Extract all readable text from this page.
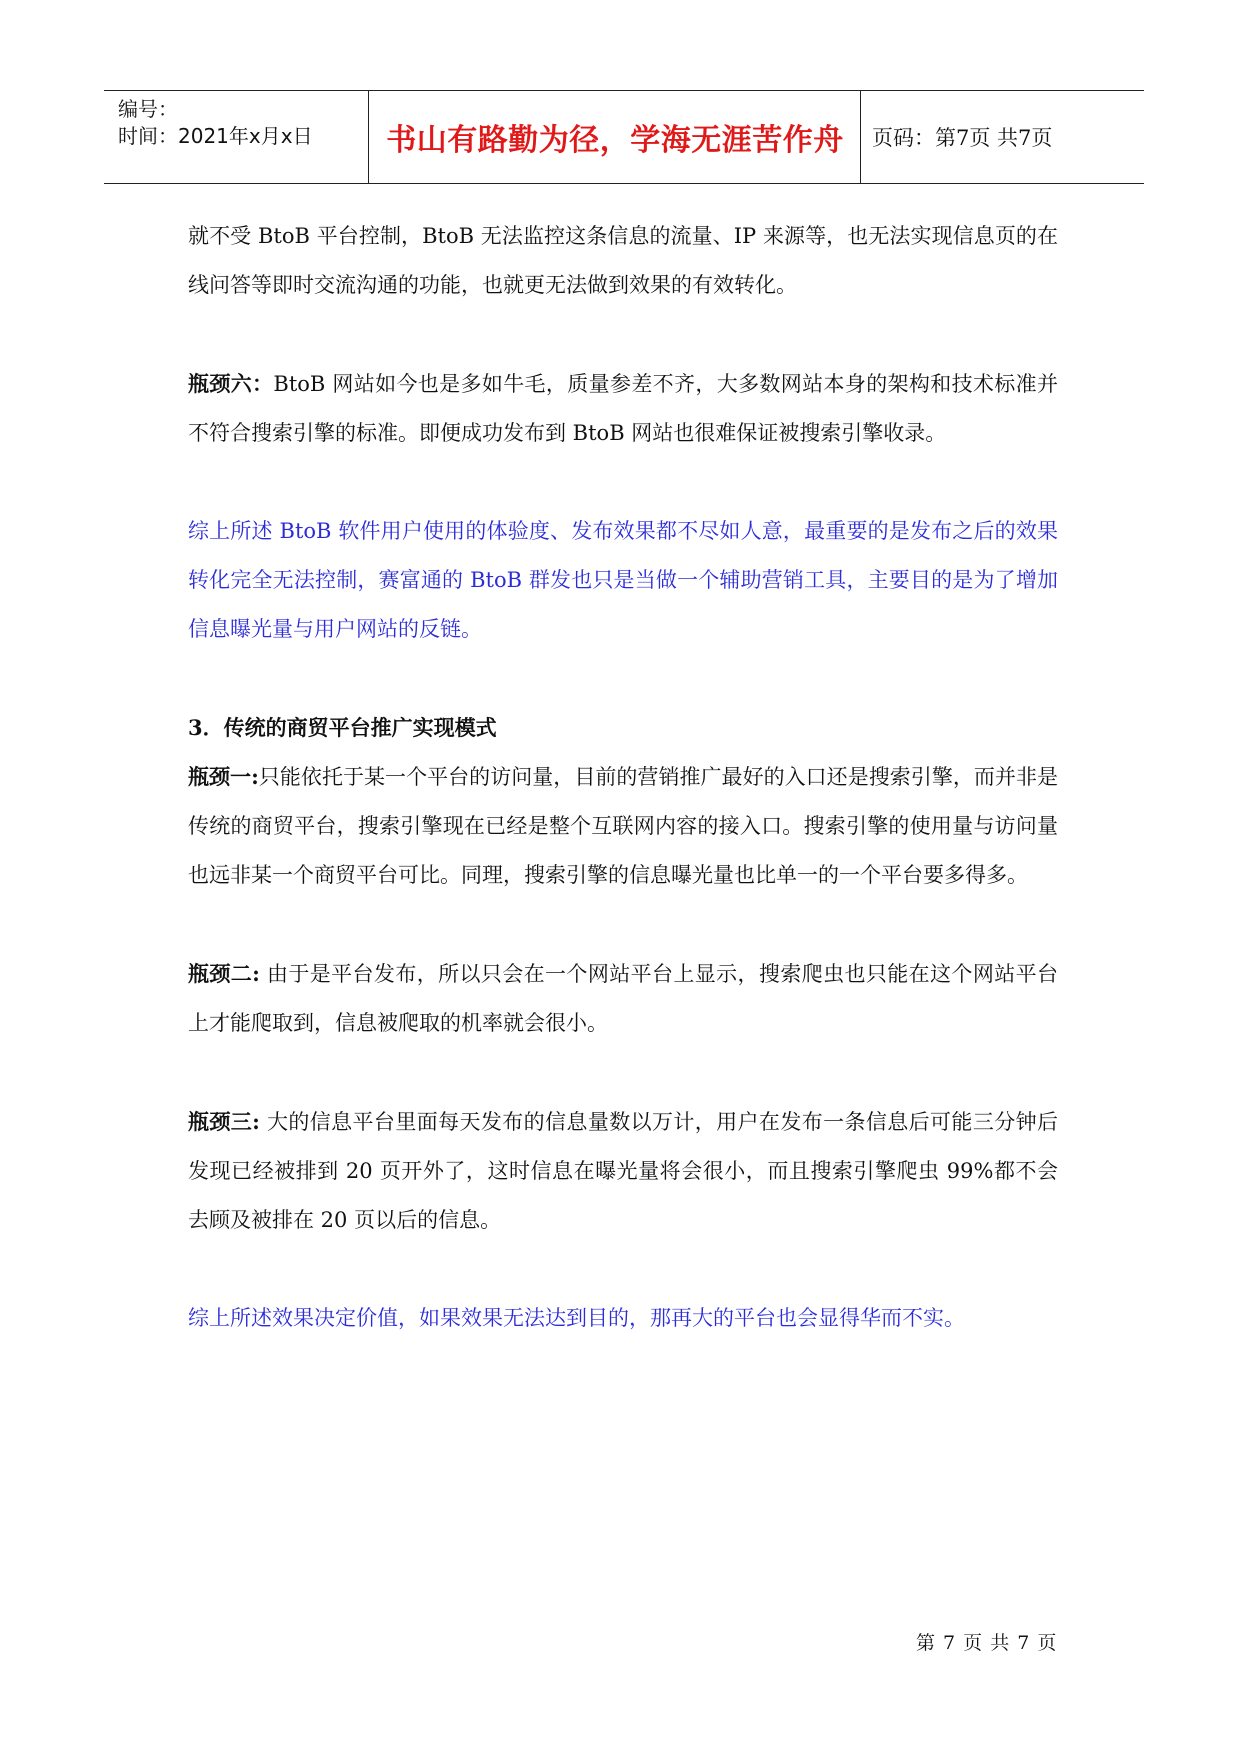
编号：
时间：2021年x月x日	书山有路勤为径，学海无涯苦作舟	页码：第7页 共7页

就不受 BtoB 平台控制，BtoB 无法监控这条信息的流量、IP 来源等，也无法实现信息页的在线问答等即时交流沟通的功能，也就更无法做到效果的有效转化。

瓶颈六：BtoB 网站如今也是多如牛毛，质量参差不齐，大多数网站本身的架构和技术标准并不符合搜索引擎的标准。即便成功发布到 BtoB 网站也很难保证被搜索引擎收录。

综上所述 BtoB 软件用户使用的体验度、发布效果都不尽如人意，最重要的是发布之后的效果转化完全无法控制，赛富通的 BtoB 群发也只是当做一个辅助营销工具，主要目的是为了增加信息曝光量与用户网站的反链。

3．传统的商贸平台推广实现模式

瓶颈一:只能依托于某一个平台的访问量，目前的营销推广最好的入口还是搜索引擎，而并非是传统的商贸平台，搜索引擎现在已经是整个互联网内容的接入口。搜索引擎的使用量与访问量也远非某一个商贸平台可比。同理，搜索引擎的信息曝光量也比单一的一个平台要多得多。

瓶颈二: 由于是平台发布，所以只会在一个网站平台上显示，搜索爬虫也只能在这个网站平台上才能爬取到，信息被爬取的机率就会很小。

瓶颈三: 大的信息平台里面每天发布的信息量数以万计，用户在发布一条信息后可能三分钟后发现已经被排到 20 页开外了，这时信息在曝光量将会很小，而且搜索引擎爬虫 99%都不会去顾及被排在 20 页以后的信息。

综上所述效果决定价值，如果效果无法达到目的，那再大的平台也会显得华而不实。

第 7 页 共 7 页
